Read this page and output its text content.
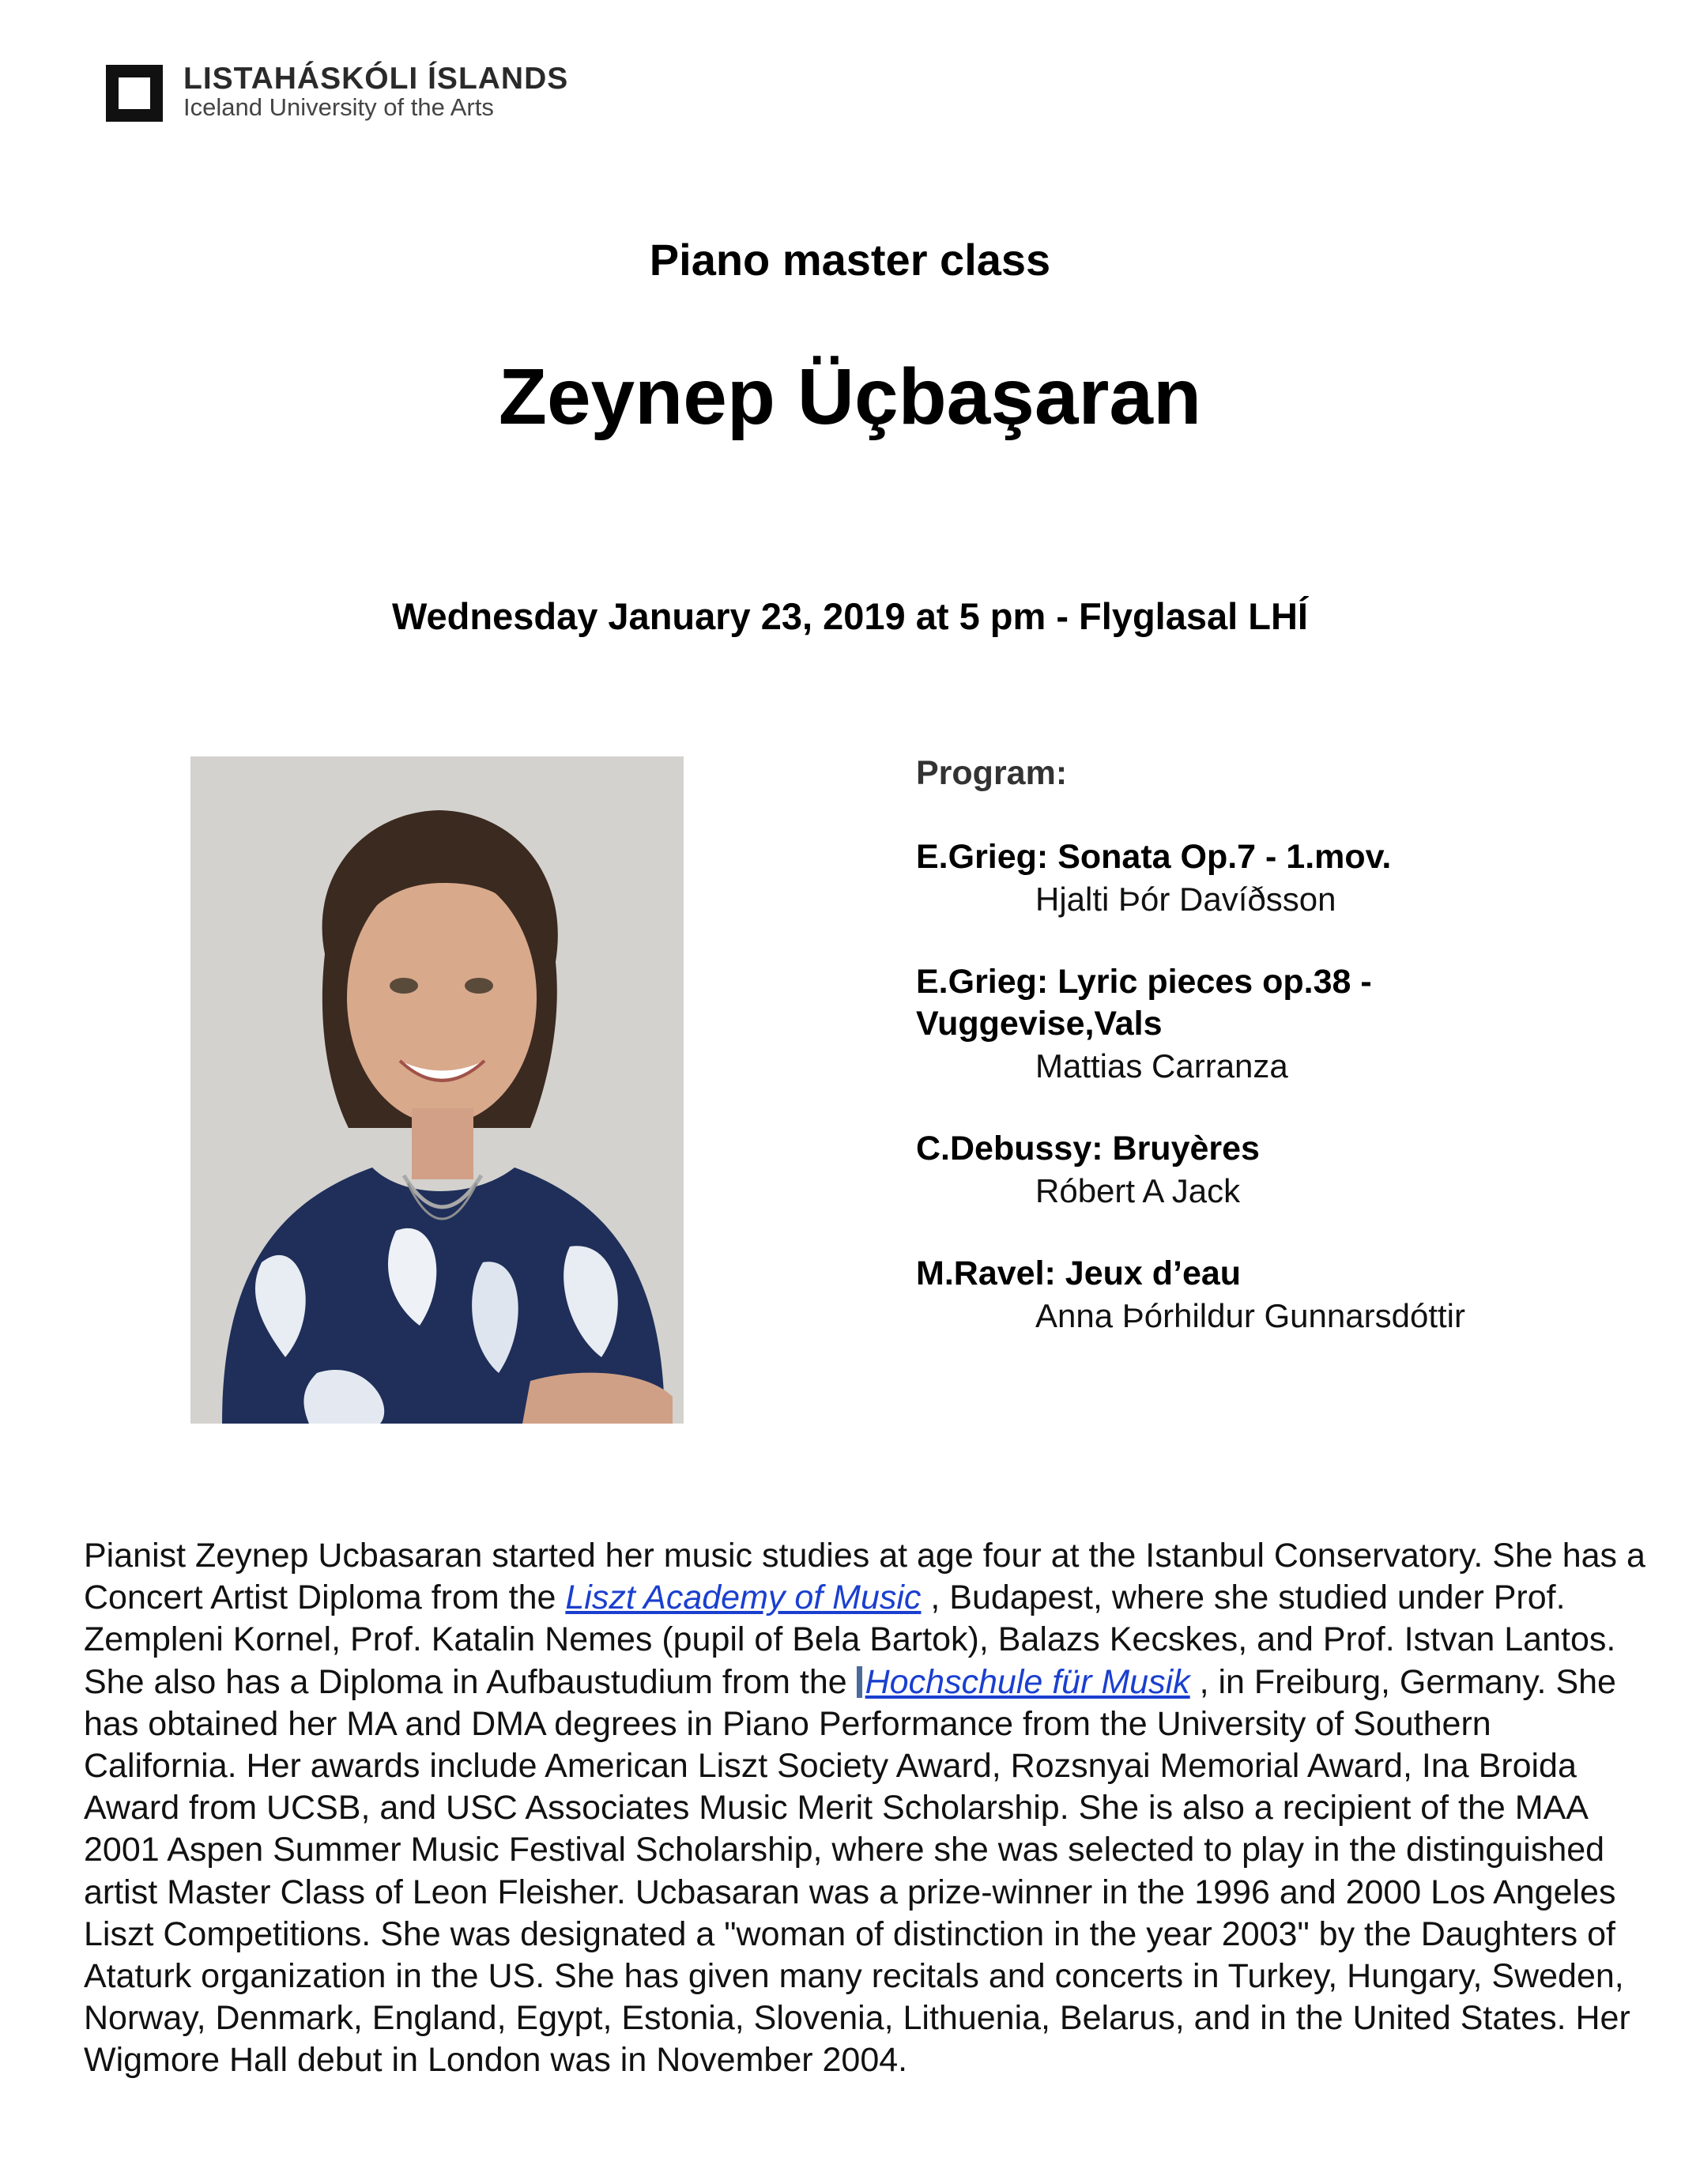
LISTAHÁSKÓLI ÍSLANDS
Iceland University of the Arts
Piano master class
Zeynep Üçbaşaran
Wednesday January 23, 2019 at 5 pm - Flyglasal LHÍ
Program:
E.Grieg: Sonata Op.7 - 1.mov.
Hjalti Þór Davíðsson
E.Grieg: Lyric pieces op.38 - Vuggevise,Vals
Mattias Carranza
C.Debussy: Bruyères
Róbert A Jack
M.Ravel: Jeux d’eau
Anna Þórhildur Gunnarsdóttir
Pianist Zeynep Ucbasaran started her music studies at age four at the Istanbul Conservatory. She has a Concert Artist Diploma from the Liszt Academy of Music , Budapest, where she studied under Prof. Zempleni Kornel, Prof. Katalin Nemes (pupil of Bela Bartok), Balazs Kecskes, and Prof. Istvan Lantos. She also has a Diploma in Aufbaustudium from the Hochschule für Musik , in Freiburg, Germany. She has obtained her MA and DMA degrees in Piano Performance from the University of Southern California. Her awards include American Liszt Society Award, Rozsnyai Memorial Award, Ina Broida Award from UCSB, and USC Associates Music Merit Scholarship. She is also a recipient of the MAA 2001 Aspen Summer Music Festival Scholarship, where she was selected to play in the distinguished artist Master Class of Leon Fleisher. Ucbasaran was a prize-winner in the 1996 and 2000 Los Angeles Liszt Competitions. She was designated a "woman of distinction in the year 2003" by the Daughters of Ataturk organization in the US. She has given many recitals and concerts in Turkey, Hungary, Sweden, Norway, Denmark, England, Egypt, Estonia, Slovenia, Lithuenia, Belarus, and in the United States. Her Wigmore Hall debut in London was in November 2004.
